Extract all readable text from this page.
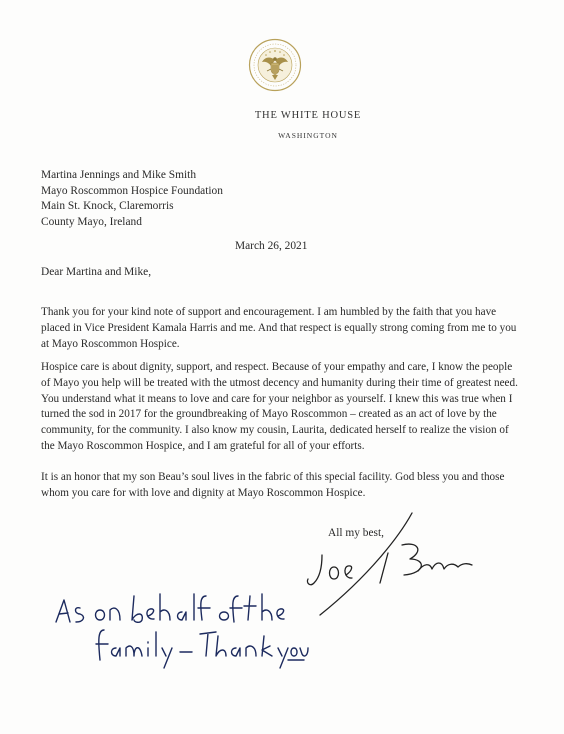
THE WHITE HOUSE
WASHINGTON
Martina Jennings and Mike Smith
Mayo Roscommon Hospice Foundation
Main St. Knock, Claremorris
County Mayo, Ireland
March 26, 2021
Dear Martina and Mike,
Thank you for your kind note of support and encouragement. I am humbled by the faith that you have placed in Vice President Kamala Harris and me. And that respect is equally strong coming from me to you at Mayo Roscommon Hospice.
Hospice care is about dignity, support, and respect. Because of your empathy and care, I know the people of Mayo you help will be treated with the utmost decency and humanity during their time of greatest need. You understand what it means to love and care for your neighbor as yourself. I knew this was true when I turned the sod in 2017 for the groundbreaking of Mayo Roscommon – created as an act of love by the community, for the community. I also know my cousin, Laurita, dedicated herself to realize the vision of the Mayo Roscommon Hospice, and I am grateful for all of your efforts.
It is an honor that my son Beau’s soul lives in the fabric of this special facility. God bless you and those whom you care for with love and dignity at Mayo Roscommon Hospice.
All my best,
